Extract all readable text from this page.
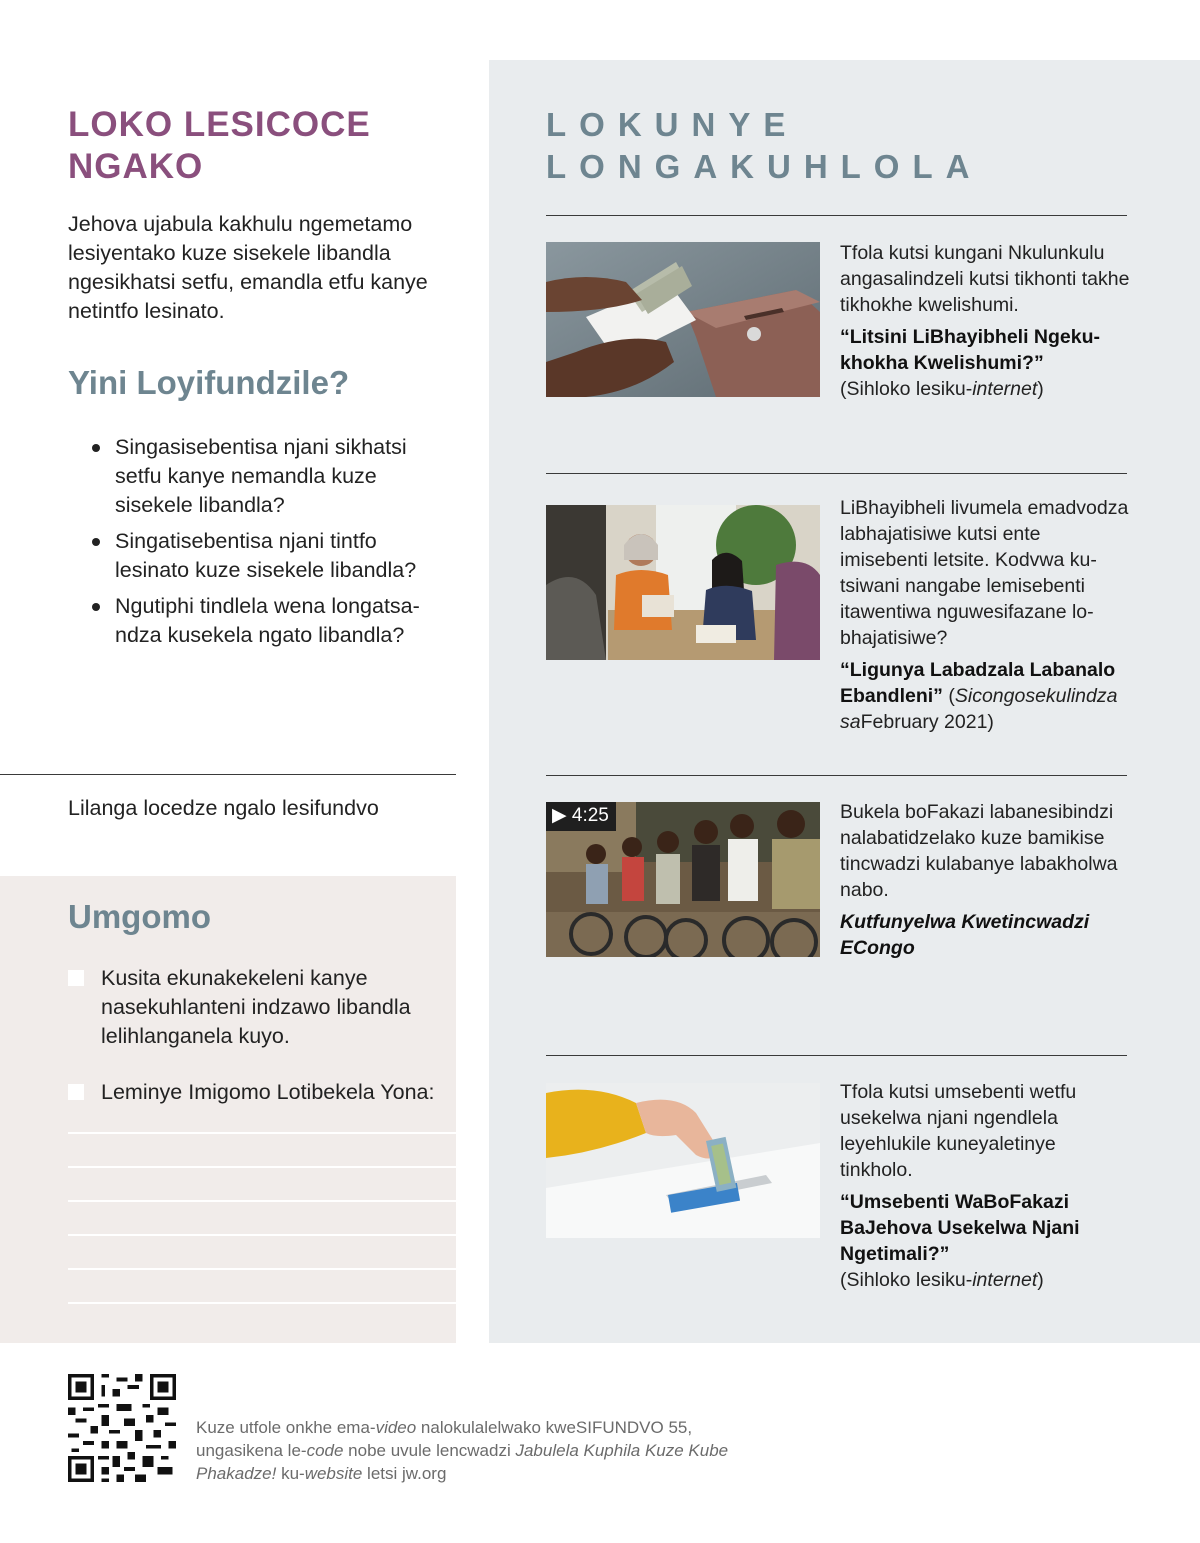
LOKO LESICOCE
NGAKO

Jehova ujabula kakhulu ngemetamo lesiyentako kuze sisekele libandla ngesikhatsi setfu, emandla etfu kanye netintfo lesinato.

Yini Loyifundzile?
Singasisebentisa njani sikhatsi setfu kanye nemandla kuze sisekele libandla?
Singatisebentisa njani tintfo lesinato kuze sisekele libandla?
Ngutiphi tindlela wena longatsandza kusekela ngato libandla?
Lilanga locedze ngalo lesifundvo
Umgomo
Kusita ekunakekeleni kanye nasekuhlanteni indzawo libandla lelihlanganela kuyo.
Leminye Imigomo Lotibekela Yona:
LOKUNYE
LONGAKUHLOLA

Tfola kutsi kungani Nkulunkulu angasalindzeli kutsi tikhonti takhe tikhokhe kwelishumi.

“Litsini LiBhayibheli Ngekukhokha Kwelishumi?”
(Sihloko lesiku-internet)

LiBhayibheli livumela emadvodza labhajatisiwe kutsi ente imisebenti letsite. Kodvwa kutsiwani nangabe lemisebenti itawentiwa nguwesifazane lobhajatisiwe?

“Ligunya Labadzala Labanalo Ebandleni” (Sicongosekulindza saFebruary 2021)
▶ 4:25	Bukela boFakazi labanesibindzi nalabatidzelako kuze bamikise tincwadzi kulabanye labakholwa nabo.

Kutfunyelwa Kwetincwadzi ECongo

Tfola kutsi umsebenti wetfu usekelwa njani ngendlela leyehlukile kuneyaletinye tinkholo.

“Umsebenti WaBoFakazi BaJehova Usekelwa Njani Ngetimali?”
(Sihloko lesiku-internet)
Kuze utfole onkhe ema-video nalokulalelwako kweSIFUNDVO 55, ungasikena le-code nobe uvule lencwadzi Jabulela Kuphila Kuze Kube Phakadze! ku-website letsi jw.org
